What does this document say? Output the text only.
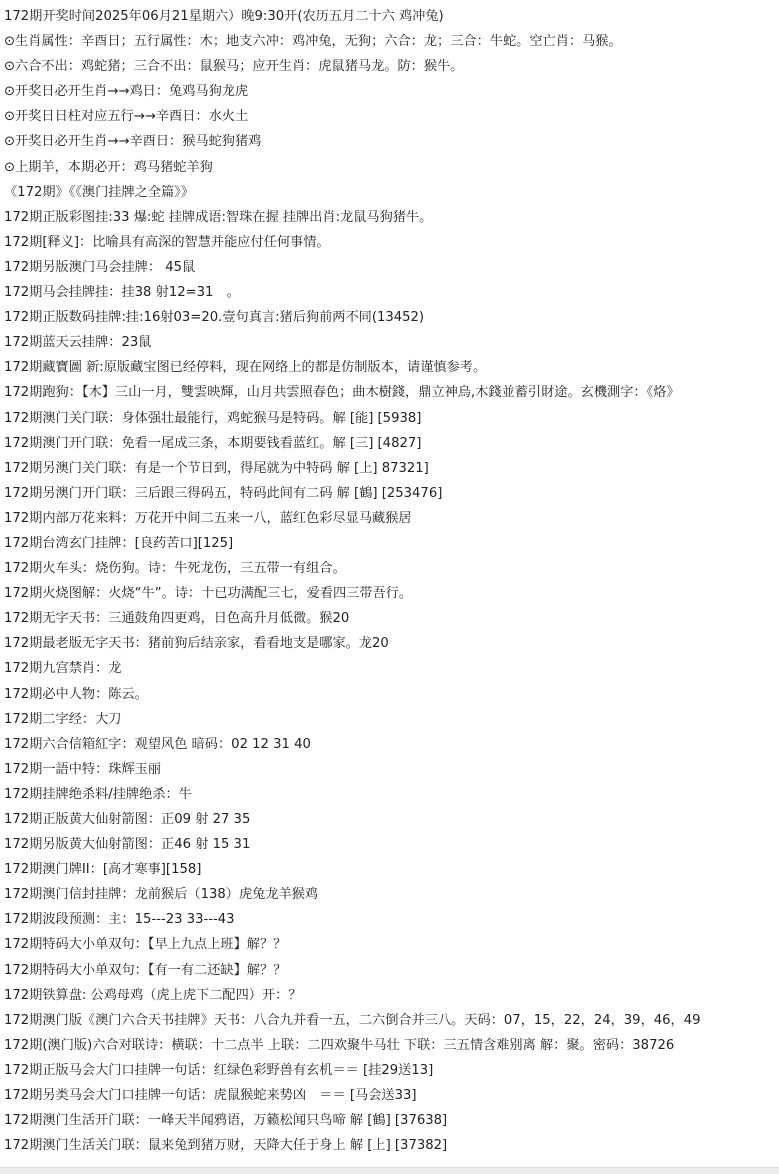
172期开奖时间2025年06月21星期六）晚9:30开(农历五月二十六 鸡冲兔)
⊙生肖属性：辛酉日；五行属性：木；地支六冲：鸡冲兔，无狗；六合：龙；三合：牛蛇。空亡肖：马猴。
⊙六合不出：鸡蛇猪；三合不出：鼠猴马；应开生肖：虎鼠猪马龙。防：猴牛。
⊙开奖日必开生肖→→鸡日：兔鸡马狗龙虎
⊙开奖日日柱对应五行→→辛酉日：水火土
⊙开奖日必开生肖→→辛酉日：猴马蛇狗猪鸡
⊙上期羊，本期必开：鸡马猪蛇羊狗
《172期》《《澳门挂牌之全篇》》
172期正版彩图挂:33 爆:蛇 挂牌成语:智珠在握 挂牌出肖:龙鼠马狗猪牛。
172期[释义]：比喻具有高深的智慧并能应付任何事情。
172期另版澳门马会挂牌： 45鼠
172期马会挂牌挂：挂38 射12=31　。
172期正版数码挂牌:挂:16射03=20.壹句真言:猪后狗前两不同(13452)
172期蓝天云挂牌：23鼠
172期藏寶圖 新:原版藏宝图已经停料，现在网络上的都是仿制版本，请谨慎参考。
172期跑狗：【木】三山一月，雙雲映輝，山月共雲照春色；曲木樹錢，鼎立神烏,木錢並蓄引財途。玄機測字：《烙》
172期澳门关门联：身体强壮最能行，鸡蛇猴马是特码。解 [能] [5938]
172期澳门开门联：免看一尾成三条，本期要钱看蓝红。解 [三] [4827]
172期另澳门关门联：有是一个节日到，得尾就为中特码 解 [上] 87321]
172期另澳门开门联：三后跟三得码五，特码此间有二码 解 [鶴] [253476]
172期内部万花来料：万花开中间二五来一八，蓝红色彩尽显马藏猴居
172期台湾玄门挂牌：[良药苦口][125]
172期火车头：烧伤狗。诗：牛死龙伤，三五带一有组合。
172期火烧图解：火烧“牛”。诗：十已功满配三七，爱看四三带吾行。
172期无字天书：三通鼓角四更鸡，日色高升月低微。猴20
172期最老版无字天书：猪前狗后结亲家，看看地支是哪家。龙20
172期九宫禁肖：龙
172期必中人物：陈云。
172期二字经：大刀
172期六合信箱紅字：观望风色 暗码：02 12 31 40
172期一語中特：珠辉玉丽
172期挂牌绝杀料/挂牌绝杀：牛
172期正版黄大仙射箭图：正09 射 27 35
172期另版黄大仙射箭图：正46 射 15 31
172期澳门牌II：[高才寒事][158]
172期澳门信封挂牌：龙前猴后（138）虎兔龙羊猴鸡
172期波段预测：主：15---23 33---43
172期特码大小单双句：【早上九点上班】解？？
172期特码大小单双句：【有一有二还缺】解？？
172期铁算盘: 公鸡母鸡（虎上虎下二配四）开：？
172期澳门版《澳门六合天书挂牌》天书：八合九并看一五，二六倒合并三八。天码：07，15，22，24，39，46，49
172期(澳门版)六合对联诗：横联：十二点半 上联：二四欢聚牛马壮 下联：三五情含难别离 解：聚。密码：38726
172期正版马会大门口挂牌一句话：红绿色彩野兽有玄机＝＝ [挂29送13]
172期另类马会大门口挂牌一句话：虎鼠猴蛇来势凶　＝＝ [马会送33]
172期澳门生活开门联：一峰天半闻鸦语，万籁松闻只鸟啼 解 [鶴] [37638]
172期澳门生活关门联：鼠来兔到猪万财，天降大任于身上 解 [上] [37382]
